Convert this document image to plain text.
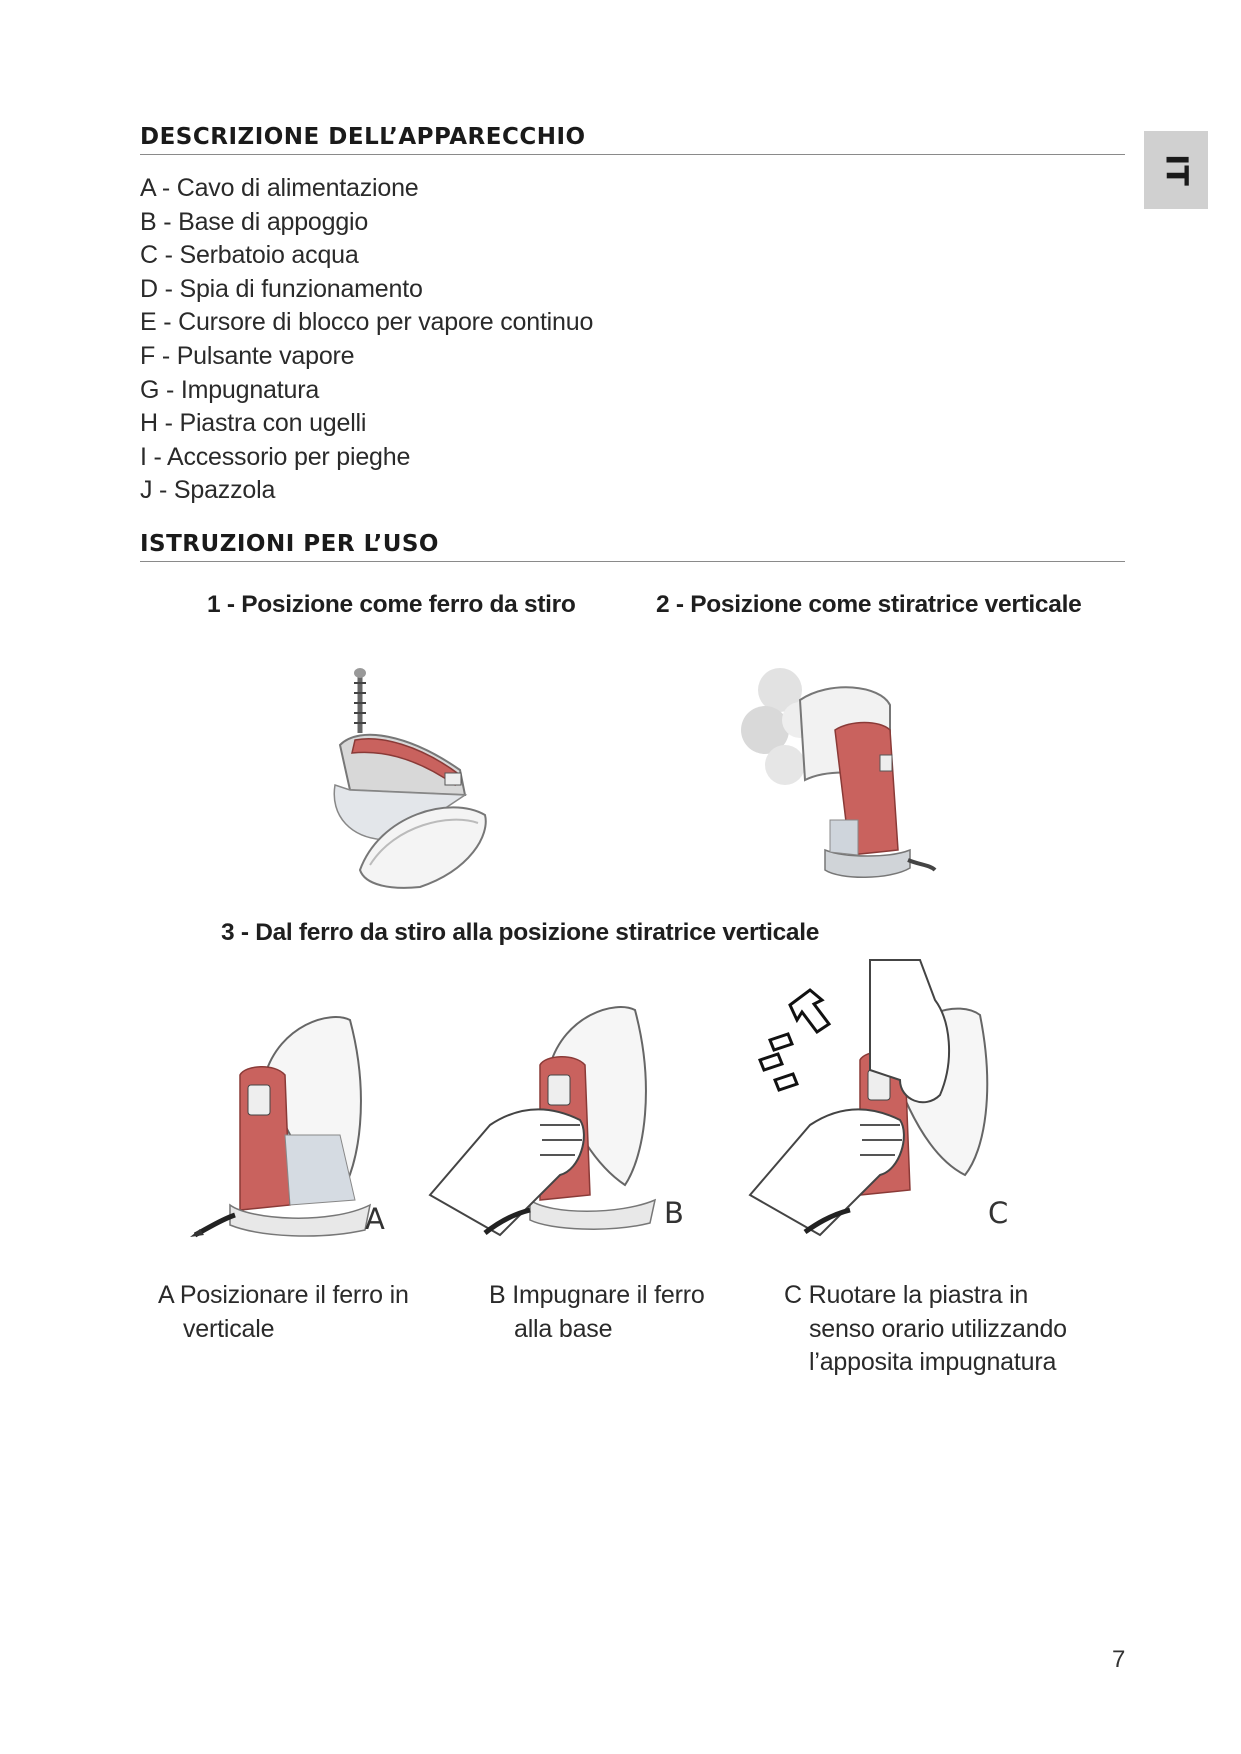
IT
DESCRIZIONE DELL’APPARECCHIO
A - Cavo di alimentazione
B - Base di appoggio
C - Serbatoio acqua
D - Spia di funzionamento
E - Cursore di blocco per vapore continuo
F - Pulsante vapore
G - Impugnatura
H - Piastra con ugelli
I - Accessorio per pieghe
J - Spazzola
ISTRUZIONI PER L’USO
1 - Posizione come ferro da stiro	2 - Posizione come stiratrice verticale
3 - Dal ferro da stiro alla posizione stiratrice verticale
A	B	C
A Posizionare il ferro in
verticale
B Impugnare il ferro
alla base
C Ruotare la piastra in
senso orario utilizzando
l’apposita impugnatura
7
